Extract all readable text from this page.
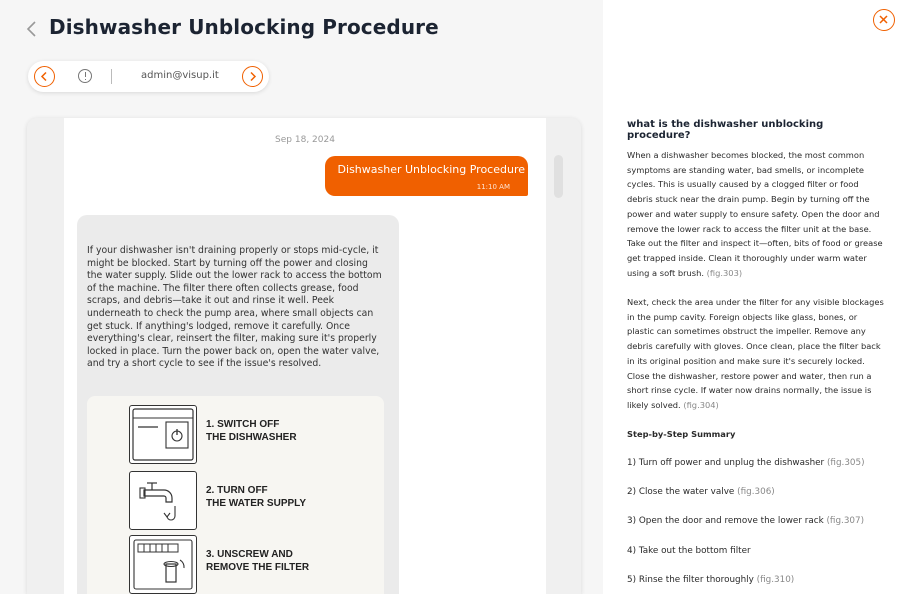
Dishwasher Unblocking Procedure
admin@visup.it
Sep 18, 2024
Dishwasher Unblocking Procedure
11:10 AM
If your dishwasher isn't draining properly or stops mid-cycle, it might be blocked. Start by turning off the power and closing the water supply. Slide out the lower rack to access the bottom of the machine. The filter there often collects grease, food scraps, and debris—take it out and rinse it well. Peek underneath to check the pump area, where small objects can get stuck. If anything's lodged, remove it carefully. Once everything's clear, reinsert the filter, making sure it's properly locked in place. Turn the power back on, open the water valve, and try a short cycle to see if the issue's resolved.
1. SWITCH OFF
THE DISHWASHER
2. TURN OFF
THE WATER SUPPLY
3. UNSCREW AND
REMOVE THE FILTER
what is the dishwasher unblocking procedure?
When a dishwasher becomes blocked, the most common symptoms are standing water, bad smells, or incomplete cycles. This is usually caused by a clogged filter or food debris stuck near the drain pump. Begin by turning off the power and water supply to ensure safety. Open the door and remove the lower rack to access the filter unit at the base. Take out the filter and inspect it—often, bits of food or grease get trapped inside. Clean it thoroughly under warm water using a soft brush. (fig.303)
Next, check the area under the filter for any visible blockages in the pump cavity. Foreign objects like glass, bones, or plastic can sometimes obstruct the impeller. Remove any debris carefully with gloves. Once clean, place the filter back in its original position and make sure it's securely locked. Close the dishwasher, restore power and water, then run a short rinse cycle. If water now drains normally, the issue is likely solved. (fig.304)
Step-by-Step Summary
1) Turn off power and unplug the dishwasher (fig.305)
2) Close the water valve (fig.306)
3) Open the door and remove the lower rack (fig.307)
4) Take out the bottom filter
5) Rinse the filter thoroughly (fig.310)
